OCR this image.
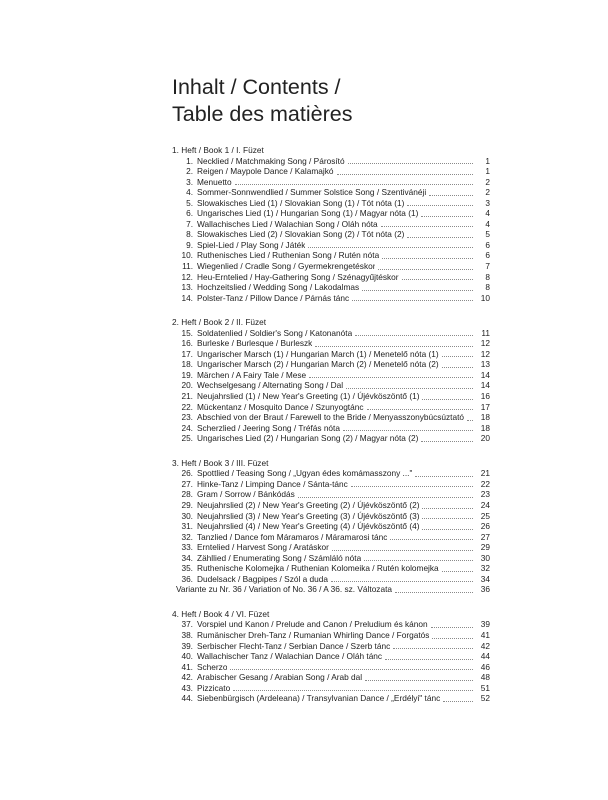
Inhalt / Contents /
Table des matières
1. Heft / Book 1 / I. Füzet
1. Necklied / Matchmaking Song / Párosító	1
2. Reigen / Maypole Dance / Kalamajkó	1
3. Menuetto	2
4. Sommer-Sonnwendlied / Summer Solstice Song / Szentivánéji	2
5. Slowakisches Lied (1) / Slovakian Song (1) / Tót nóta (1)	3
6. Ungarisches Lied (1) / Hungarian Song (1) / Magyar nóta (1)	4
7. Wallachisches Lied / Walachian Song / Oláh nóta	4
8. Slowakisches Lied (2) / Slovakian Song (2) / Tót nóta (2)	5
9. Spiel-Lied / Play Song / Játék	6
10. Ruthenisches Lied / Ruthenian Song / Rutén nóta	6
11. Wiegenlied / Cradle Song / Gyermekrengetéskor	7
12. Heu-Erntelied / Hay-Gathering Song / Szénagyűjtéskor	8
13. Hochzeitslied / Wedding Song / Lakodalmas	8
14. Polster-Tanz / Pillow Dance / Párnás tánc	10
2. Heft / Book 2 / II. Füzet
15. Soldatenlied / Soldier's Song / Katonanóta	11
16. Burleske / Burlesque / Burleszk	12
17. Ungarischer Marsch (1) / Hungarian March (1) / Menetelő nóta (1)	12
18. Ungarischer Marsch (2) / Hungarian March (2) / Menetelő nóta (2)	13
19. Märchen / A Fairy Tale / Mese	14
20. Wechselgesang / Alternating Song / Dal	14
21. Neujahrslied (1) / New Year's Greeting (1) / Újévköszöntő (1)	16
22. Mückentanz / Mosquito Dance / Szunyogtánc	17
23. Abschied von der Braut / Farewell to the Bride / Menyasszonybúcsúztató	18
24. Scherzlied / Jeering Song / Tréfás nóta	18
25. Ungarisches Lied (2) / Hungarian Song (2) / Magyar nóta (2)	20
3. Heft / Book 3 / III. Füzet
26. Spottlied / Teasing Song / „Ugyan édes komámasszony ..."	21
27. Hinke-Tanz / Limping Dance / Sánta-tánc	22
28. Gram / Sorrow / Bánkódás	23
29. Neujahrslied (2) / New Year's Greeting (2) / Újévköszöntő (2)	24
30. Neujahrslied (3) / New Year's Greeting (3) / Újévköszöntő (3)	25
31. Neujahrslied (4) / New Year's Greeting (4) / Újévköszöntő (4)	26
32. Tanzlied / Dance fom Máramaros / Máramarosi tánc	27
33. Erntelied / Harvest Song / Aratáskor	29
34. Zähllied / Enumerating Song / Számláló nóta	30
35. Ruthenische Kolomejka / Ruthenian Kolomeika / Rutén kolomejka	32
36. Dudelsack / Bagpipes / Szól a duda	34
Variante zu Nr. 36 / Variation of No. 36 / A 36. sz. Változata	36
4. Heft / Book 4 / VI. Füzet
37. Vorspiel und Kanon / Prelude and Canon / Preludium és kánon	39
38. Rumänischer Dreh-Tanz / Rumanian Whirling Dance / Forgatós	41
39. Serbischer Flecht-Tanz / Serbian Dance / Szerb tánc	42
40. Wallachischer Tanz / Walachian Dance / Oláh tánc	44
41. Scherzo	46
42. Arabischer Gesang / Arabian Song / Arab dal	48
43. Pizzicato	51
44. Siebenbürgisch (Ardeleana) / Transylvanian Dance / „Erdélyi" tánc	52
